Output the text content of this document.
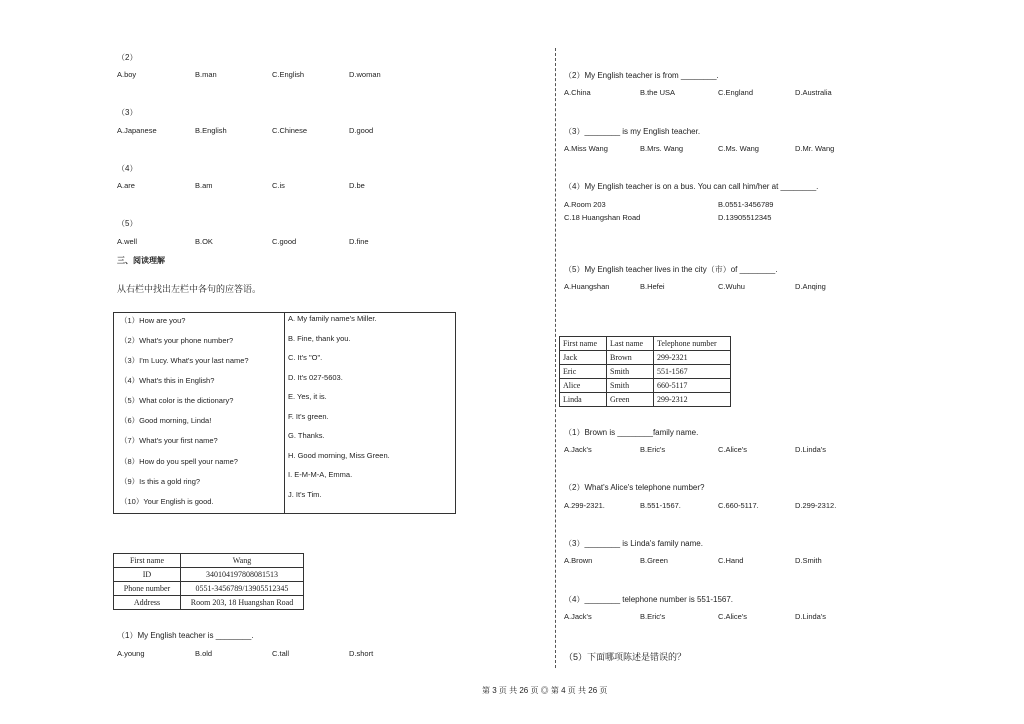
（2）
A.boy	B.man	C.English	D.woman
（3）
A.Japanese	B.English	C.Chinese	D.good
（4）
A.are	B.am	C.is	D.be
（5）
A.well	B.OK	C.good	D.fine
三、阅读理解
从右栏中找出左栏中各句的应答语。
（1）How are you?
（2）What's your phone number?
（3）I'm Lucy. What's your last name?
（4）What's this in English?
（5）What color is the dictionary?
（6）Good morning, Linda!
（7）What's your first name?
（8）How do you spell your name?
（9）Is this a gold ring?
（10）Your English is good.

A. My family name's Miller.
B. Fine, thank you.
C. It's "O".
D. It's 027-5603.
E. Yes, it is.
F. It's green.
G. Thanks.
H. Good morning, Miss Green.
I. E-M-M-A, Emma.
J. It's Tim.
First name	Wang
ID	340104197808081513
Phone number	0551-3456789/13905512345
Address	Room 203, 18 Huangshan Road
（1）My English teacher is ________.
A.young	B.old	C.tall	D.short
（2）My English teacher is from ________.
A.China	B.the USA	C.England	D.Australia
（3）________ is my English teacher.
A.Miss Wang	B.Mrs. Wang	C.Ms. Wang	D.Mr. Wang
（4）My English teacher is on a bus. You can call him/her at ________.
A.Room 203	B.0551-3456789
C.18 Huangshan Road	D.13905512345
（5）My English teacher lives in the city（市）of ________.
A.Huangshan	B.Hefei	C.Wuhu	D.Anqing
First name	Last name	Telephone number
Jack	Brown	299-2321
Eric	Smith	551-1567
Alice	Smith	660-5117
Linda	Green	299-2312
（1）Brown is ________family name.
A.Jack's	B.Eric's	C.Alice's	D.Linda's
（2）What's Alice's telephone number?
A.299-2321.	B.551-1567.	C.660-5117.	D.299-2312.
（3）________ is Linda's family name.
A.Brown	B.Green	C.Hand	D.Smith
（4）________ telephone number is 551-1567.
A.Jack's	B.Eric's	C.Alice's	D.Linda's
（5）下面哪项陈述是错误的？
第 3 页 共 26 页 ◎ 第 4 页 共 26 页
